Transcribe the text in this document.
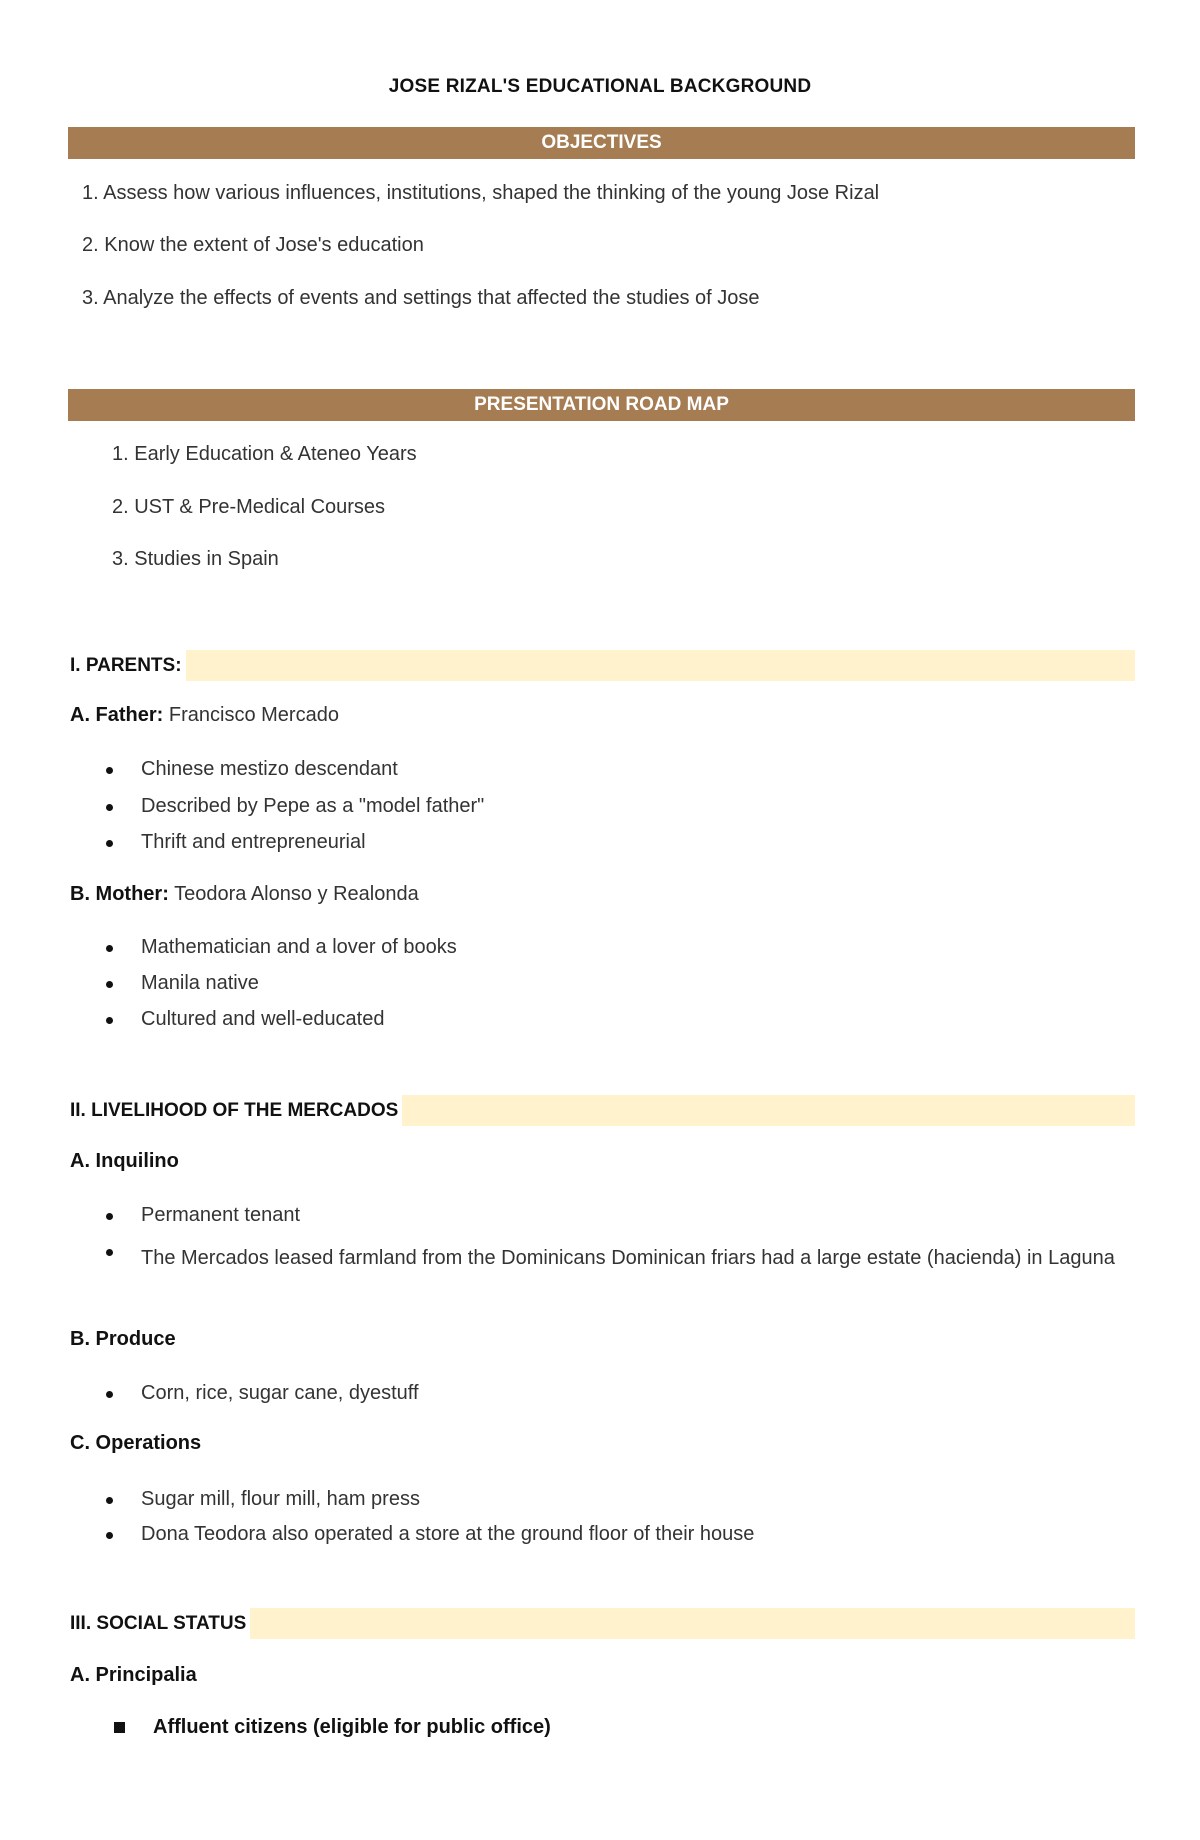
JOSE RIZAL'S EDUCATIONAL BACKGROUND
OBJECTIVES
1. Assess how various influences, institutions, shaped the thinking of the young Jose Rizal
2. Know the extent of Jose's education
3. Analyze the effects of events and settings that affected the studies of Jose
PRESENTATION ROAD MAP
1. Early Education & Ateneo Years
2. UST & Pre-Medical Courses
3. Studies in Spain
I. PARENTS:
A. Father: Francisco Mercado
Chinese mestizo descendant
Described by Pepe as a "model father"
Thrift and entrepreneurial
B. Mother: Teodora Alonso y Realonda
Mathematician and a lover of books
Manila native
Cultured and well-educated
II. LIVELIHOOD OF THE MERCADOS
A. Inquilino
Permanent tenant
The Mercados leased farmland from the Dominicans Dominican friars had a large estate (hacienda) in Laguna
B. Produce
Corn, rice, sugar cane, dyestuff
C. Operations
Sugar mill, flour mill, ham press
Dona Teodora also operated a store at the ground floor of their house
III. SOCIAL STATUS
A. Principalia
Affluent citizens (eligible for public office)
